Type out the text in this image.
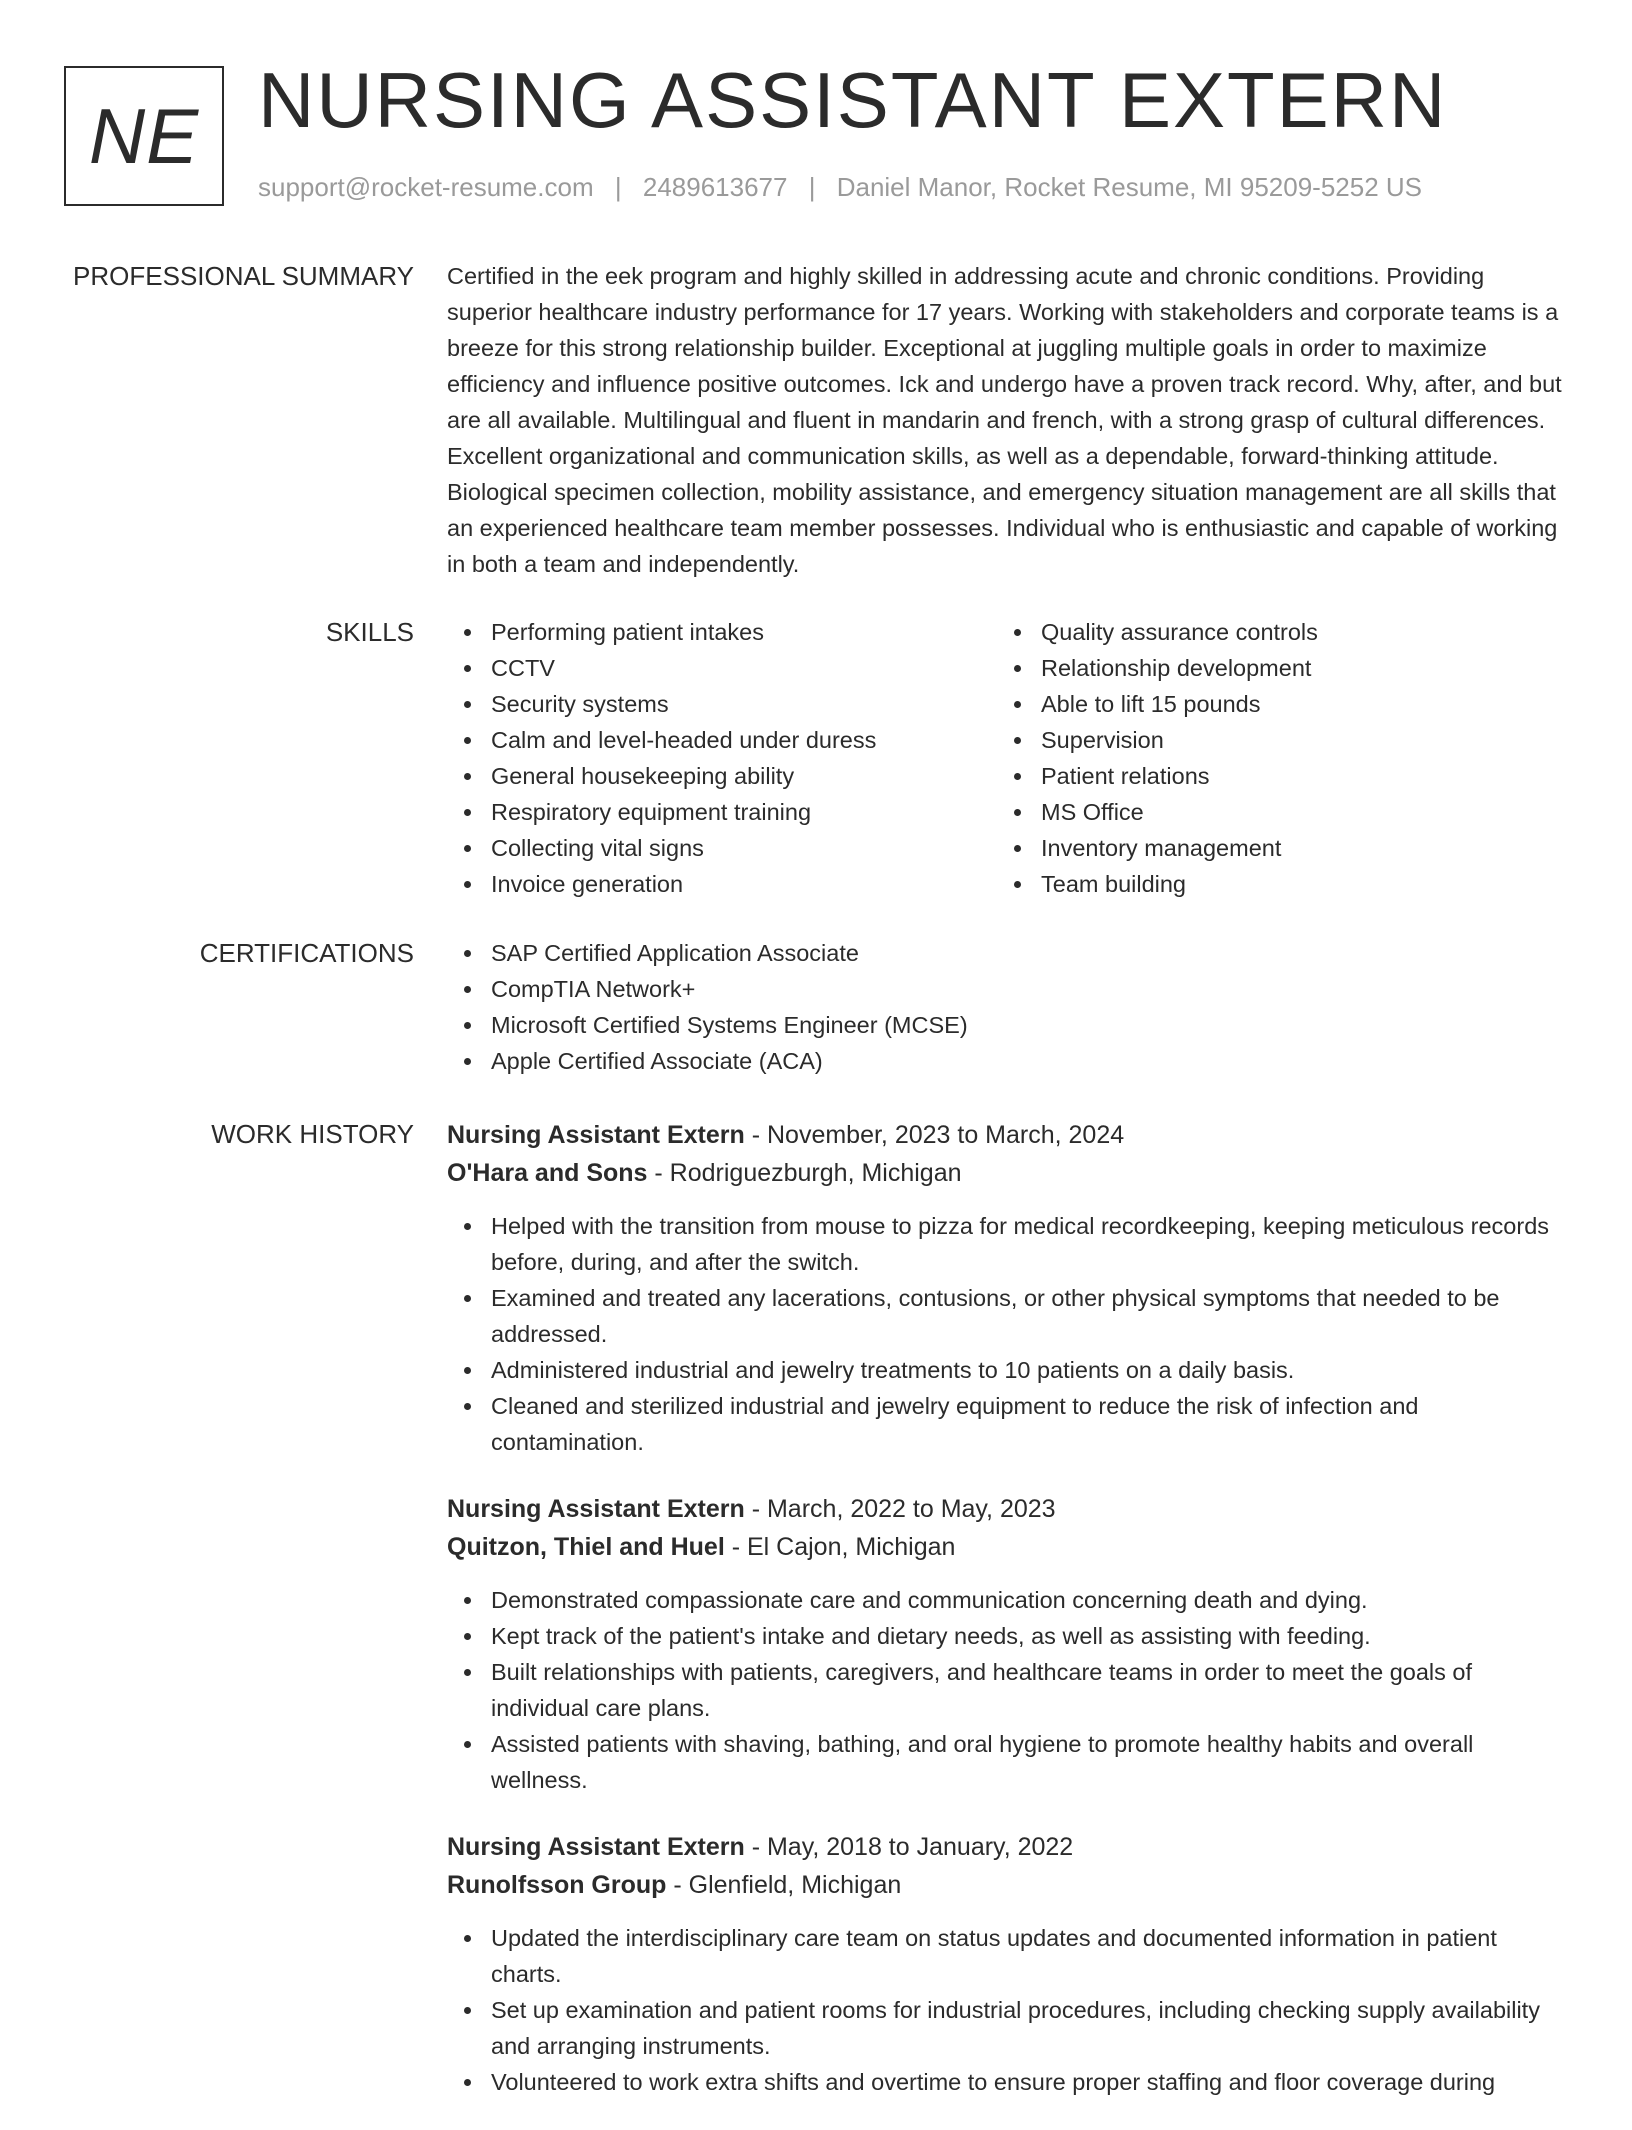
NE NURSING ASSISTANT EXTERN
support@rocket-resume.com | 2489613677 | Daniel Manor, Rocket Resume, MI 95209-5252 US
PROFESSIONAL SUMMARY Certified in the eek program and highly skilled in addressing acute and chronic conditions. Providing superior healthcare industry performance for 17 years. Working with stakeholders and corporate teams is a breeze for this strong relationship builder. Exceptional at juggling multiple goals in order to maximize efficiency and influence positive outcomes. Ick and undergo have a proven track record. Why, after, and but are all available. Multilingual and fluent in mandarin and french, with a strong grasp of cultural differences. Excellent organizational and communication skills, as well as a dependable, forward-thinking attitude. Biological specimen collection, mobility assistance, and emergency situation management are all skills that an experienced healthcare team member possesses. Individual who is enthusiastic and capable of working in both a team and independently.

SKILLS	Performing patient intakes
CCTV
Security systems
Calm and level-headed under duress
General housekeeping ability
Respiratory equipment training
Collecting vital signs
Invoice generation
Quality assurance controls
Relationship development
Able to lift 15 pounds
Supervision
Patient relations
MS Office
Inventory management
Team building
CERTIFICATIONS	SAP Certified Application Associate
CompTIA Network+
Microsoft Certified Systems Engineer (MCSE)
Apple Certified Associate (ACA)
WORK HISTORY Nursing Assistant Extern - November, 2023 to March, 2024
O'Hara and Sons - Rodriguezburgh, Michigan
Helped with the transition from mouse to pizza for medical recordkeeping, keeping meticulous records before, during, and after the switch.
Examined and treated any lacerations, contusions, or other physical symptoms that needed to be addressed.
Administered industrial and jewelry treatments to 10 patients on a daily basis.
Cleaned and sterilized industrial and jewelry equipment to reduce the risk of infection and contamination.
Nursing Assistant Extern - March, 2022 to May, 2023
Quitzon, Thiel and Huel - El Cajon, Michigan
Demonstrated compassionate care and communication concerning death and dying.
Kept track of the patient's intake and dietary needs, as well as assisting with feeding.
Built relationships with patients, caregivers, and healthcare teams in order to meet the goals of individual care plans.
Assisted patients with shaving, bathing, and oral hygiene to promote healthy habits and overall wellness.
Nursing Assistant Extern - May, 2018 to January, 2022
Runolfsson Group - Glenfield, Michigan
Updated the interdisciplinary care team on status updates and documented information in patient charts.
Set up examination and patient rooms for industrial procedures, including checking supply availability and arranging instruments.
Volunteered to work extra shifts and overtime to ensure proper staffing and floor coverage during
